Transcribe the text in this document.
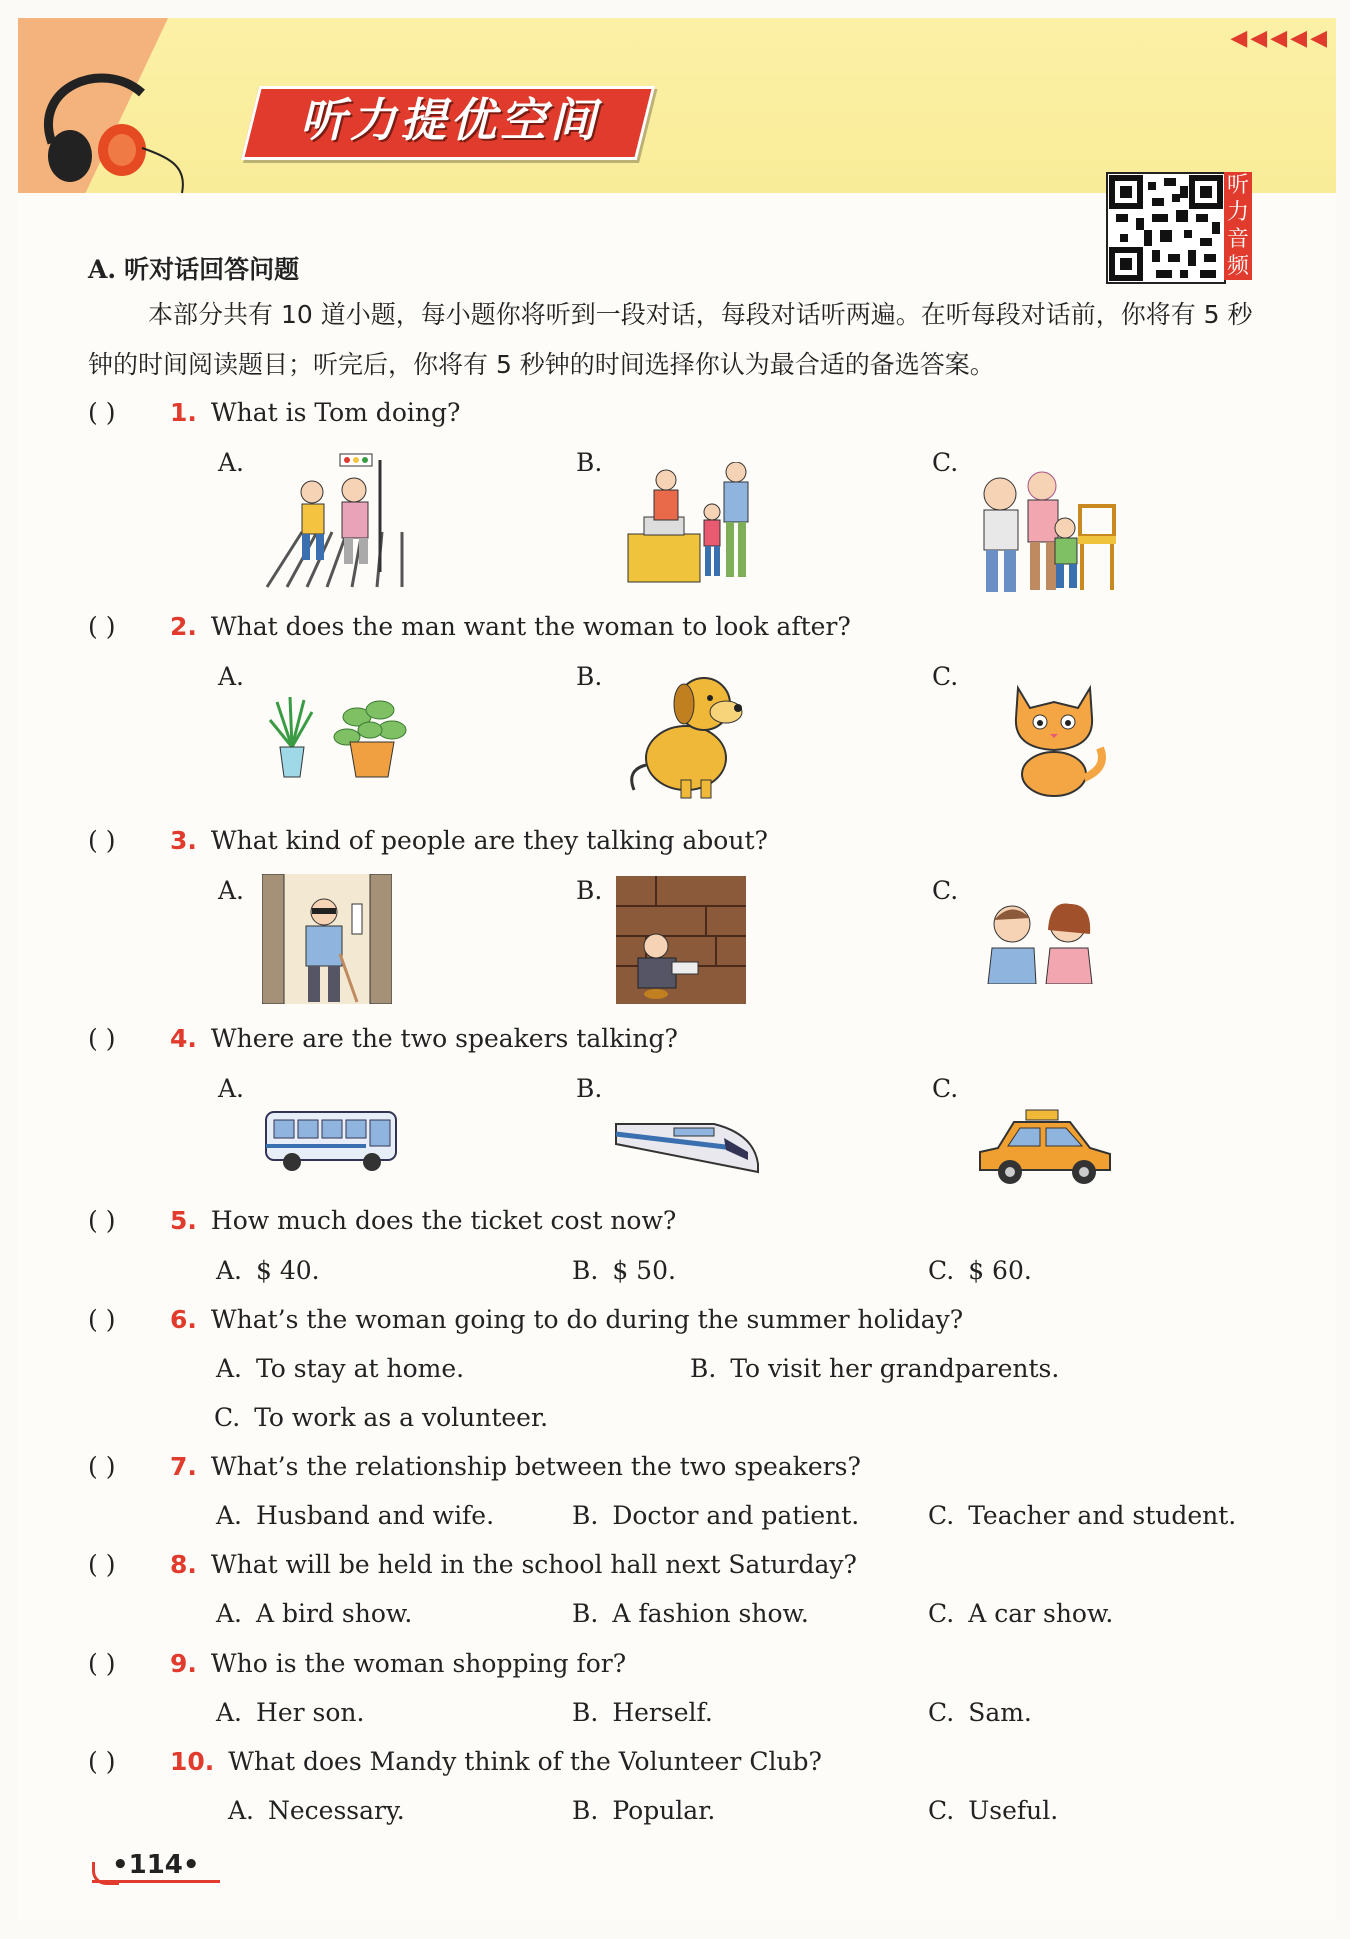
听力提优空间
◀◀◀◀◀
听
力
音
频
A. 听对话回答问题
本部分共有 10 道小题，每小题你将听到一段对话，每段对话听两遍。在听每段对话前，你将有 5 秒钟的时间阅读题目；听完后，你将有 5 秒钟的时间选择你认为最合适的备选答案。
( ) 1. What is Tom doing?
A.	B.	C.
( ) 2. What does the man want the woman to look after?
A.	B.	C.
( ) 3. What kind of people are they talking about?
A.	B.	C.
( ) 4. Where are the two speakers talking?
A.	B.	C.
( ) 5. How much does the ticket cost now?
A. $ 40.	B. $ 50.	C. $ 60.
( ) 6. What’s the woman going to do during the summer holiday?
A. To stay at home.	B. To visit her grandparents.
C. To work as a volunteer.
( ) 7. What’s the relationship between the two speakers?
A. Husband and wife.	B. Doctor and patient.	C. Teacher and student.
( ) 8. What will be held in the school hall next Saturday?
A. A bird show.	B. A fashion show.	C. A car show.
( ) 9. Who is the woman shopping for?
A. Her son.	B. Herself.	C. Sam.
( ) 10. What does Mandy think of the Volunteer Club?
A. Necessary.	B. Popular.	C. Useful.
•114•
